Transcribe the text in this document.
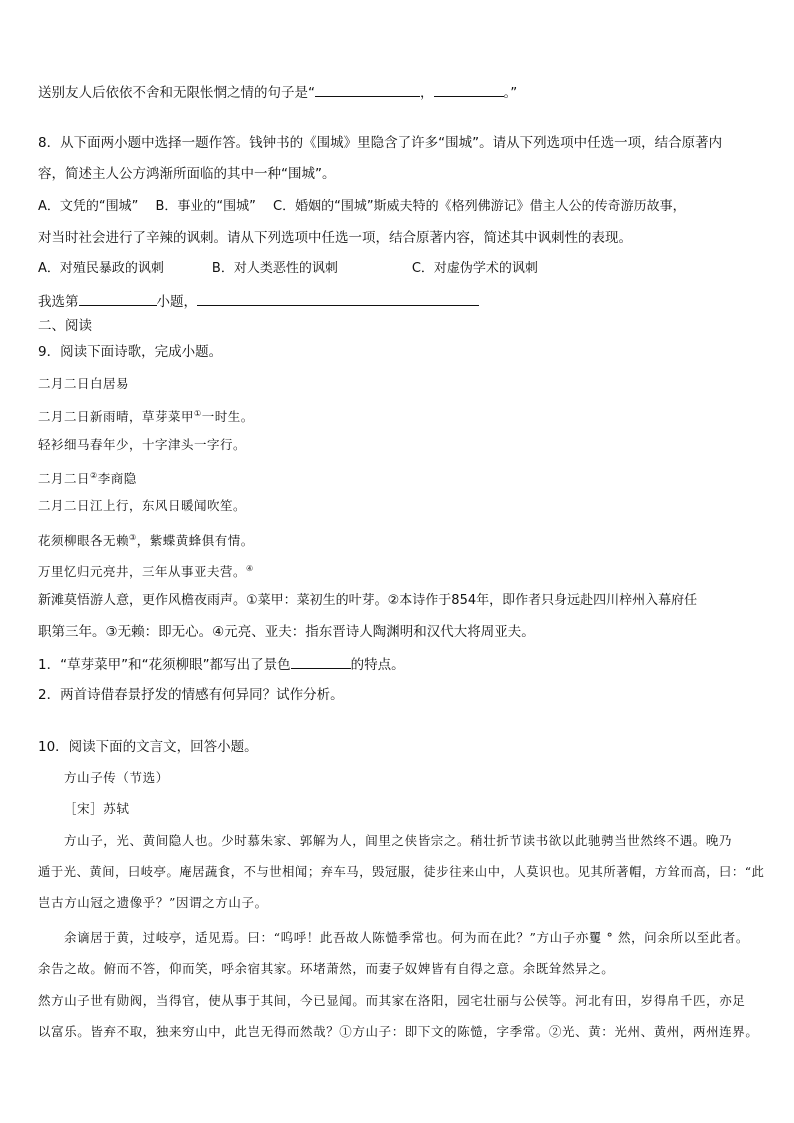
送别友人后依依不舍和无限怅惘之情的句子是“	，	。”
8．从下面两小题中选择一题作答。钱钟书的《围城》里隐含了许多“围城”。请从下列选项中任选一项，结合原著内
容，简述主人公方鸿渐所面临的其中一种“围城”。
A．文凭的“围城”　 B．事业的“围城”　 C．婚姻的“围城”斯威夫特的《格列佛游记》借主人公的传奇游历故事，
对当时社会进行了辛辣的讽刺。请从下列选项中任选一项，结合原著内容，简述其中讽刺性的表现。
A．对殖民暴政的讽刺	B．对人类恶性的讽刺	C．对虚伪学术的讽刺
我选第	小题，
二、阅读
9．阅读下面诗歌，完成小题。
二月二日白居易
二月二日新雨晴，草芽菜甲①一时生。
轻衫细马春年少，十字津头一字行。
二月二日②李商隐
二月二日江上行，东风日暖闻吹笙。
花须柳眼各无赖③，紫蝶黄蜂俱有情。
万里忆归元亮井，三年从事亚夫营。④
新滩莫悟游人意，更作风檐夜雨声。①菜甲：菜初生的叶芽。②本诗作于854年，即作者只身远赴四川梓州入幕府任
职第三年。③无赖：即无心。④元亮、亚夫：指东晋诗人陶渊明和汉代大将周亚夫。
1．“草芽菜甲”和“花须柳眼”都写出了景色	的特点。
2．两首诗借春景抒发的情感有何异同？试作分析。
10．阅读下面的文言文，回答小题。
方山子传（节选）
［宋］苏轼
方山子，光、黄间隐人也。少时慕朱家、郭解为人，闾里之侠皆宗之。稍壮折节读书欲以此驰骋当世然终不遇。晚乃
遁于光、黄间，曰岐亭。庵居蔬食，不与世相闻；弃车马，毁冠服，徒步往来山中，人莫识也。见其所著帽，方耸而高，曰：“此
岂古方山冠之遗像乎？”因谓之方山子。
余谪居于黄，过岐亭，适见焉。曰：“呜呼！此吾故人陈慥季常也。何为而在此？”方山子亦矍 ° 然，问余所以至此者。
余告之故。俯而不答，仰而笑，呼余宿其家。环堵萧然，而妻子奴婢皆有自得之意。余既耸然异之。
然方山子世有勋阀，当得官，使从事于其间，今已显闻。而其家在洛阳，园宅壮丽与公侯等。河北有田，岁得帛千匹，亦足
以富乐。皆弃不取，独来穷山中，此岂无得而然哉？①方山子：即下文的陈慥，字季常。②光、黄：光州、黄州，两州连界。
